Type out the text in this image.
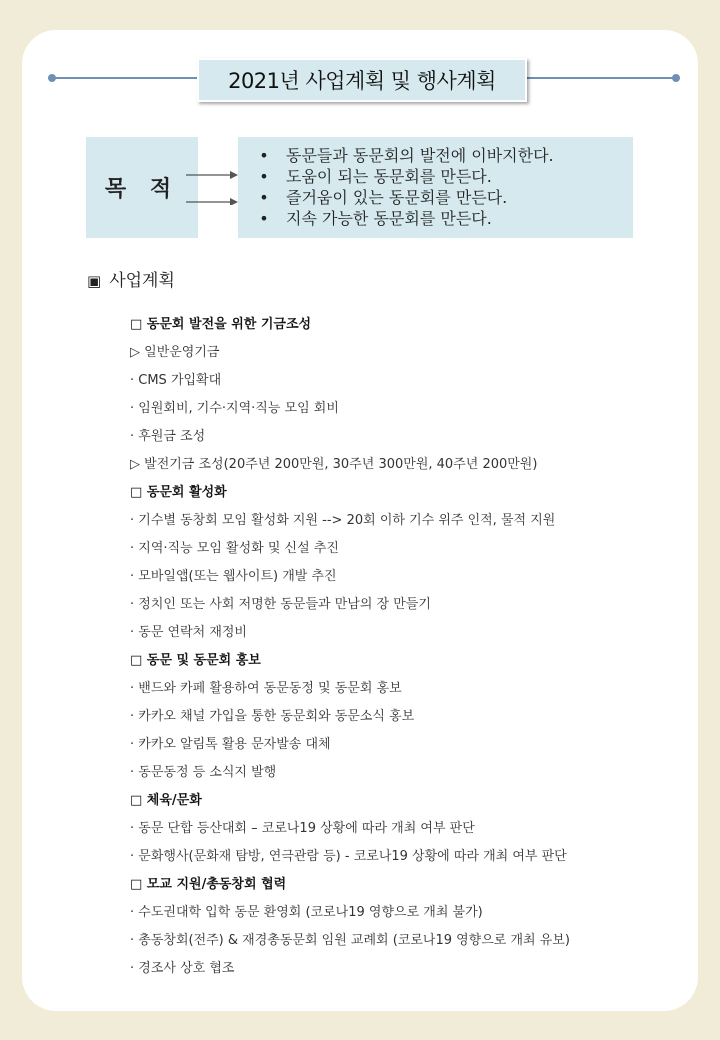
2021년 사업계획 및 행사계획
목 적
•	동문들과 동문회의 발전에 이바지한다.
•	도움이 되는 동문회를 만든다.
•	즐거움이 있는 동문회를 만든다.
•	지속 가능한 동문회를 만든다.
▣ 사업계획
□ 동문회 발전을 위한 기금조성
▷ 일반운영기금
· CMS 가입확대
· 임원회비, 기수·지역·직능 모임 회비
· 후원금 조성
▷ 발전기금 조성(20주년 200만원, 30주년 300만원, 40주년 200만원)
□ 동문회 활성화
· 기수별 동창회 모임 활성화 지원 --> 20회 이하 기수 위주 인적, 물적 지원
· 지역·직능 모임 활성화 및 신설 추진
· 모바일앱(또는 웹사이트) 개발 추진
· 정치인 또는 사회 저명한 동문들과 만남의 장 만들기
· 동문 연락처 재정비
□ 동문 및 동문회 홍보
· 밴드와 카페 활용하여 동문동정 및 동문회 홍보
· 카카오 채널 가입을 통한 동문회와 동문소식 홍보
· 카카오 알림톡 활용 문자발송 대체
· 동문동정 등 소식지 발행
□ 체육/문화
· 동문 단합 등산대회 – 코로나19 상황에 따라 개최 여부 판단
· 문화행사(문화재 탐방, 연극관람 등) - 코로나19 상황에 따라 개최 여부 판단
□ 모교 지원/총동창회 협력
· 수도권대학 입학 동문 환영회 (코로나19 영향으로 개최 불가)
· 총동창회(전주) & 재경총동문회 임원 교례회 (코로나19 영향으로 개최 유보)
· 경조사 상호 협조
